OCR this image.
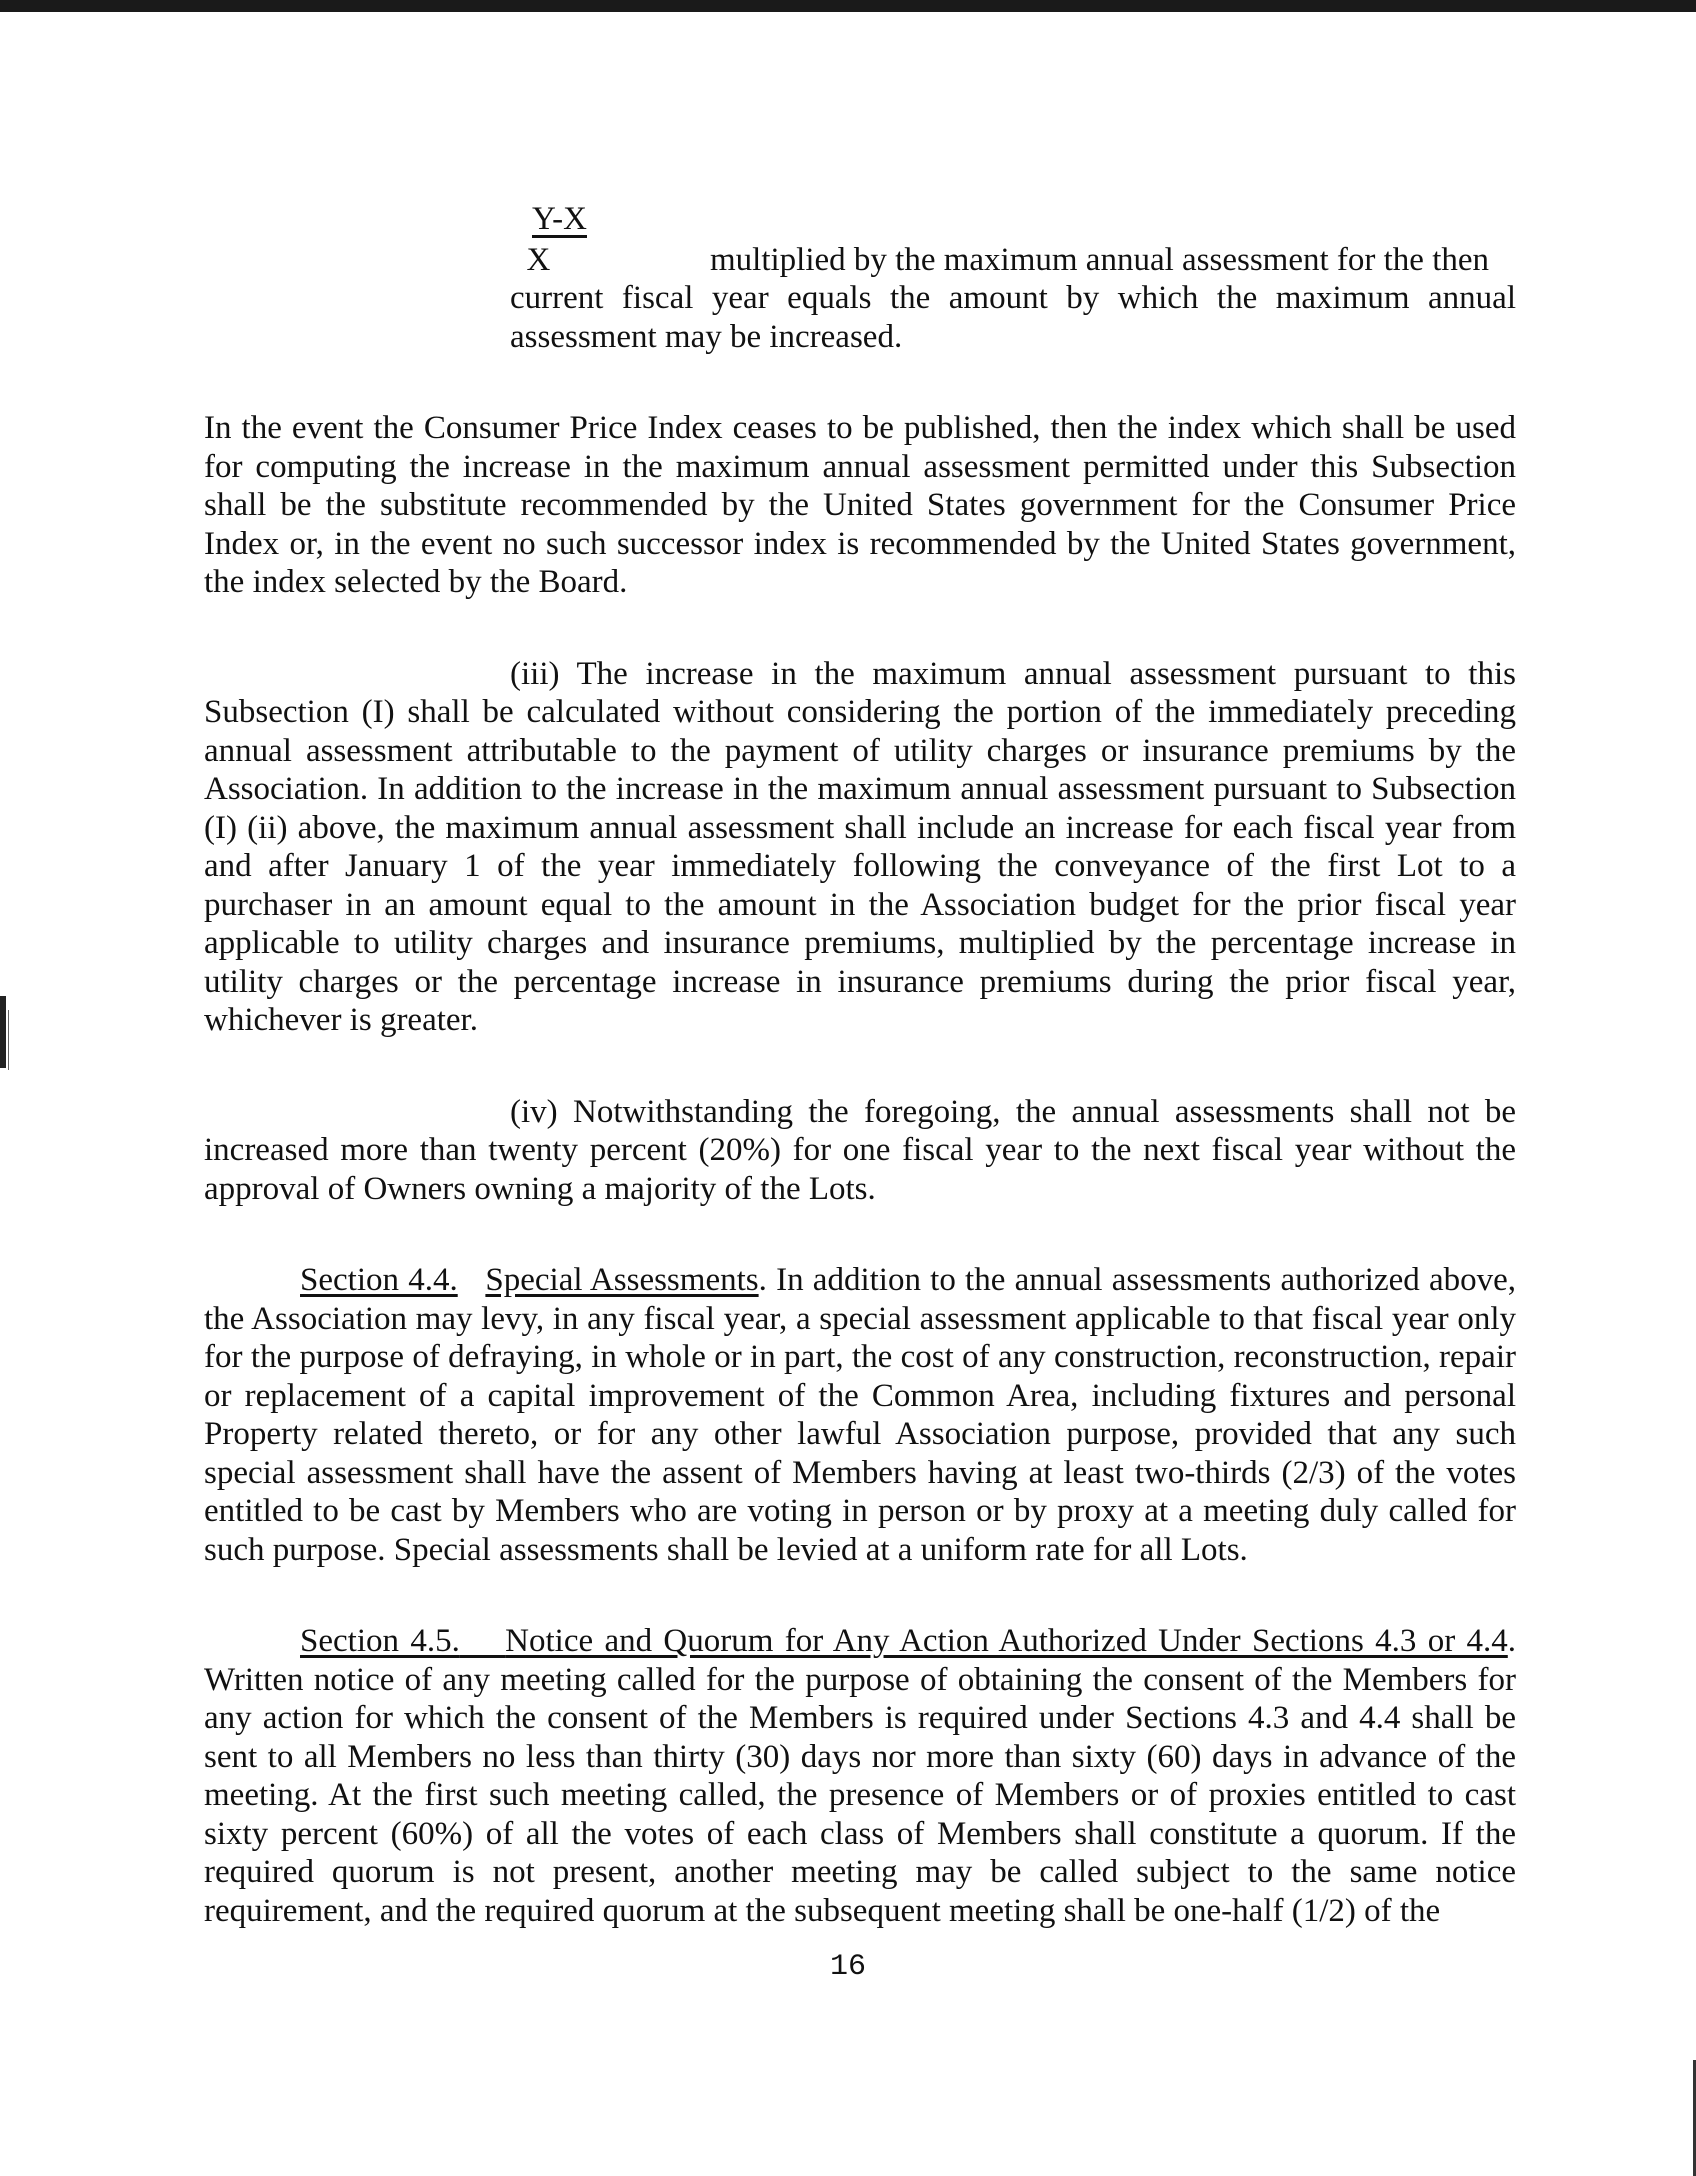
Y-X
X	multiplied by the maximum annual assessment for the then

current fiscal year equals the amount by which the maximum annual assessment may be increased.

In the event the Consumer Price Index ceases to be published, then the index which shall be used for computing the increase in the maximum annual assessment permitted under this Subsection shall be the substitute recommended by the United States government for the Consumer Price Index or, in the event no such successor index is recommended by the United States government, the index selected by the Board.

(iii) The increase in the maximum annual assessment pursuant to this Subsection (I) shall be calculated without considering the portion of the immediately preceding annual assessment attributable to the payment of utility charges or insurance premiums by the Association. In addition to the increase in the maximum annual assessment pursuant to Subsection (I) (ii) above, the maximum annual assessment shall include an increase for each fiscal year from and after January 1 of the year immediately following the conveyance of the first Lot to a purchaser in an amount equal to the amount in the Association budget for the prior fiscal year applicable to utility charges and insurance premiums, multiplied by the percentage increase in utility charges or the percentage increase in insurance premiums during the prior fiscal year, whichever is greater.

(iv) Notwithstanding the foregoing, the annual assessments shall not be increased more than twenty percent (20%) for one fiscal year to the next fiscal year without the approval of Owners owning a majority of the Lots.

Section 4.4. Special Assessments. In addition to the annual assessments authorized above, the Association may levy, in any fiscal year, a special assessment applicable to that fiscal year only for the purpose of defraying, in whole or in part, the cost of any construction, reconstruction, repair or replacement of a capital improvement of the Common Area, including fixtures and personal Property related thereto, or for any other lawful Association purpose, provided that any such special assessment shall have the assent of Members having at least two-thirds (2/3) of the votes entitled to be cast by Members who are voting in person or by proxy at a meeting duly called for such purpose. Special assessments shall be levied at a uniform rate for all Lots.

Section 4.5. Notice and Quorum for Any Action Authorized Under Sections 4.3 or 4.4. Written notice of any meeting called for the purpose of obtaining the consent of the Members for any action for which the consent of the Members is required under Sections 4.3 and 4.4 shall be sent to all Members no less than thirty (30) days nor more than sixty (60) days in advance of the meeting. At the first such meeting called, the presence of Members or of proxies entitled to cast sixty percent (60%) of all the votes of each class of Members shall constitute a quorum. If the required quorum is not present, another meeting may be called subject to the same notice requirement, and the required quorum at the subsequent meeting shall be one-half (1/2) of the

16
